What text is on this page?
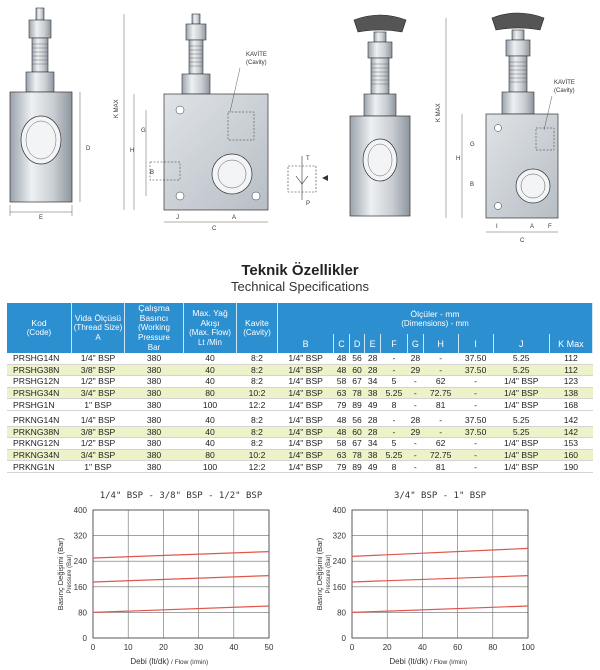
E
D
K MAX
H
G
B
A
J
C
KAVİTE
(Cavity)
T
P
K MAX
H
G
B
A
I
C
F
KAVİTE
(Cavity)
Teknik Özellikler
Technical Specifications
Kod
(Code)	Vida Ölçüsü
(Thread Size)
A	Çalışma Basıncı
(Working Pressure
Bar	Max. Yağ Akışı
(Max. Flow)
Lt /Min	Kavite
(Cavity)	Ölçüler - mm
(Dimensions) - mm									

					B	C	D	E	F	G	H	I	J	K Max
PRSHG14N	1/4" BSP	380	40	8:2	1/4" BSP	48	56	28	-	28	-	37.50	5.25	112
PRSHG38N	3/8" BSP	380	40	8:2	1/4" BSP	48	60	28	-	29	-	37.50	5.25	112
PRSHG12N	1/2" BSP	380	40	8:2	1/4" BSP	58	67	34	5	-	62	-	1/4" BSP	123
PRSHG34N	3/4" BSP	380	80	10:2	1/4" BSP	63	78	38	5.25	-	72.75	-	1/4" BSP	138
PRSHG1N	1" BSP	380	100	12:2	1/4" BSP	79	89	49	8	-	81	-	1/4" BSP	168

PRKNG14N	1/4" BSP	380	40	8:2	1/4" BSP	48	56	28	-	28	-	37.50	5.25	142
PRKNG38N	3/8" BSP	380	40	8:2	1/4" BSP	48	60	28	-	29	-	37.50	5.25	142
PRKNG12N	1/2" BSP	380	40	8:2	1/4" BSP	58	67	34	5	-	62	-	1/4" BSP	153
PRKNG34N	3/4" BSP	380	80	10:2	1/4" BSP	63	78	38	5.25	-	72.75	-	1/4" BSP	160
PRKNG1N	1" BSP	380	100	12:2	1/4" BSP	79	89	49	8	-	81	-	1/4" BSP	190
1/4" BSP - 3/8" BSP - 1/2" BSP
0
80
160
240
320
400
0	10	20	30	40	50
Basınç Değişimi (Bar) Pressure (Bar)
Debi (lt/dk) / Flow (l/min)
3/4" BSP - 1" BSP
0
80
160
240
320
400
0	20	40	60	80	100
Basınç Değişimi (Bar) Pressure (Bar)
Debi (lt/dk) / Flow (l/min)
